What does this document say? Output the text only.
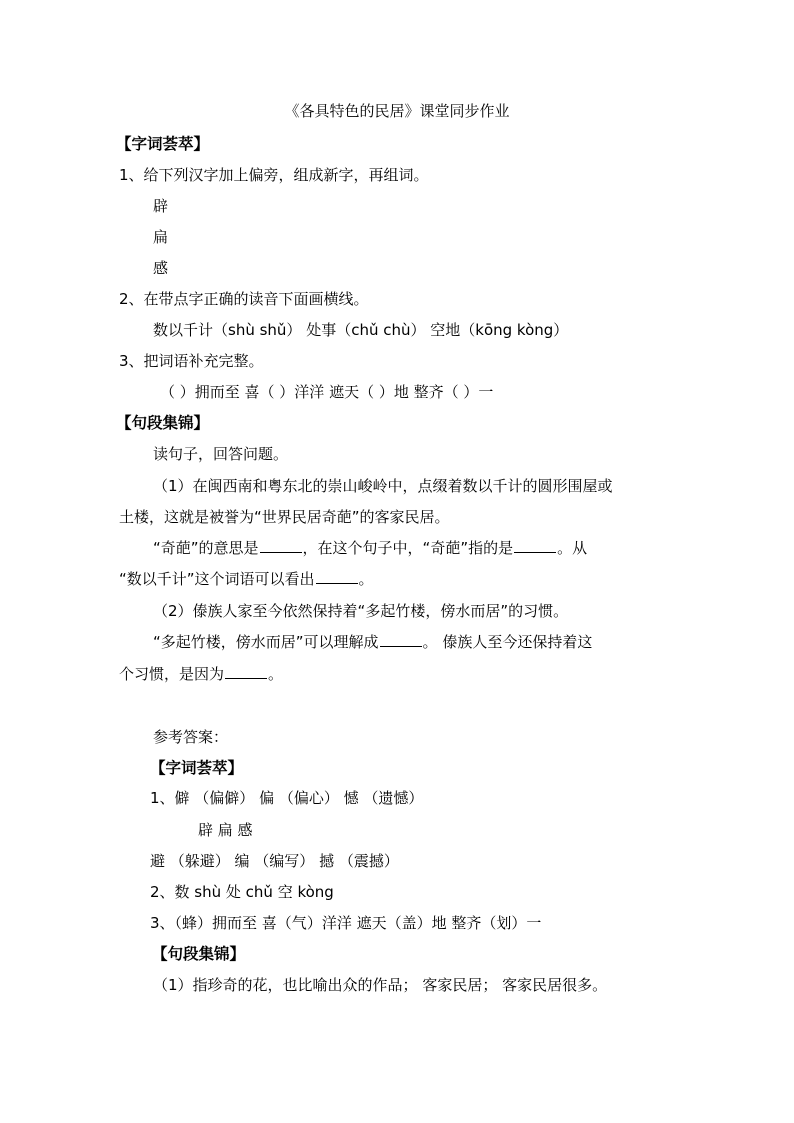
《各具特色的民居》课堂同步作业
【字词荟萃】
1、给下列汉字加上偏旁，组成新字，再组词。
辟
扁
感
2、在带点字正确的读音下面画横线。
数以千计（shù shǔ） 处事（chǔ chù） 空地（kōng kòng）
3、把词语补充完整。
（ ）拥而至 喜（ ）洋洋 遮天（ ）地 整齐（ ）一
【句段集锦】
读句子，回答问题。
（1）在闽西南和粤东北的崇山峻岭中，点缀着数以千计的圆形围屋或
土楼，这就是被誉为“世界民居奇葩”的客家民居。
“奇葩”的意思是	，在这个句子中，“奇葩”指的是	。从
“数以千计”这个词语可以看出	。
（2）傣族人家至今依然保持着“多起竹楼，傍水而居”的习惯。
“多起竹楼，傍水而居”可以理解成	。 傣族人至今还保持着这
个习惯，是因为	。
参考答案：
【字词荟萃】
1、僻 （偏僻） 偏 （偏心） 憾 （遗憾）
辟 扁 感
避 （躲避） 编 （编写） 撼 （震撼）
2、数 shù 处 chǔ 空 kòng
3、（蜂）拥而至 喜（气）洋洋 遮天（盖）地 整齐（划）一
【句段集锦】
（1）指珍奇的花，也比喻出众的作品； 客家民居； 客家民居很多。
